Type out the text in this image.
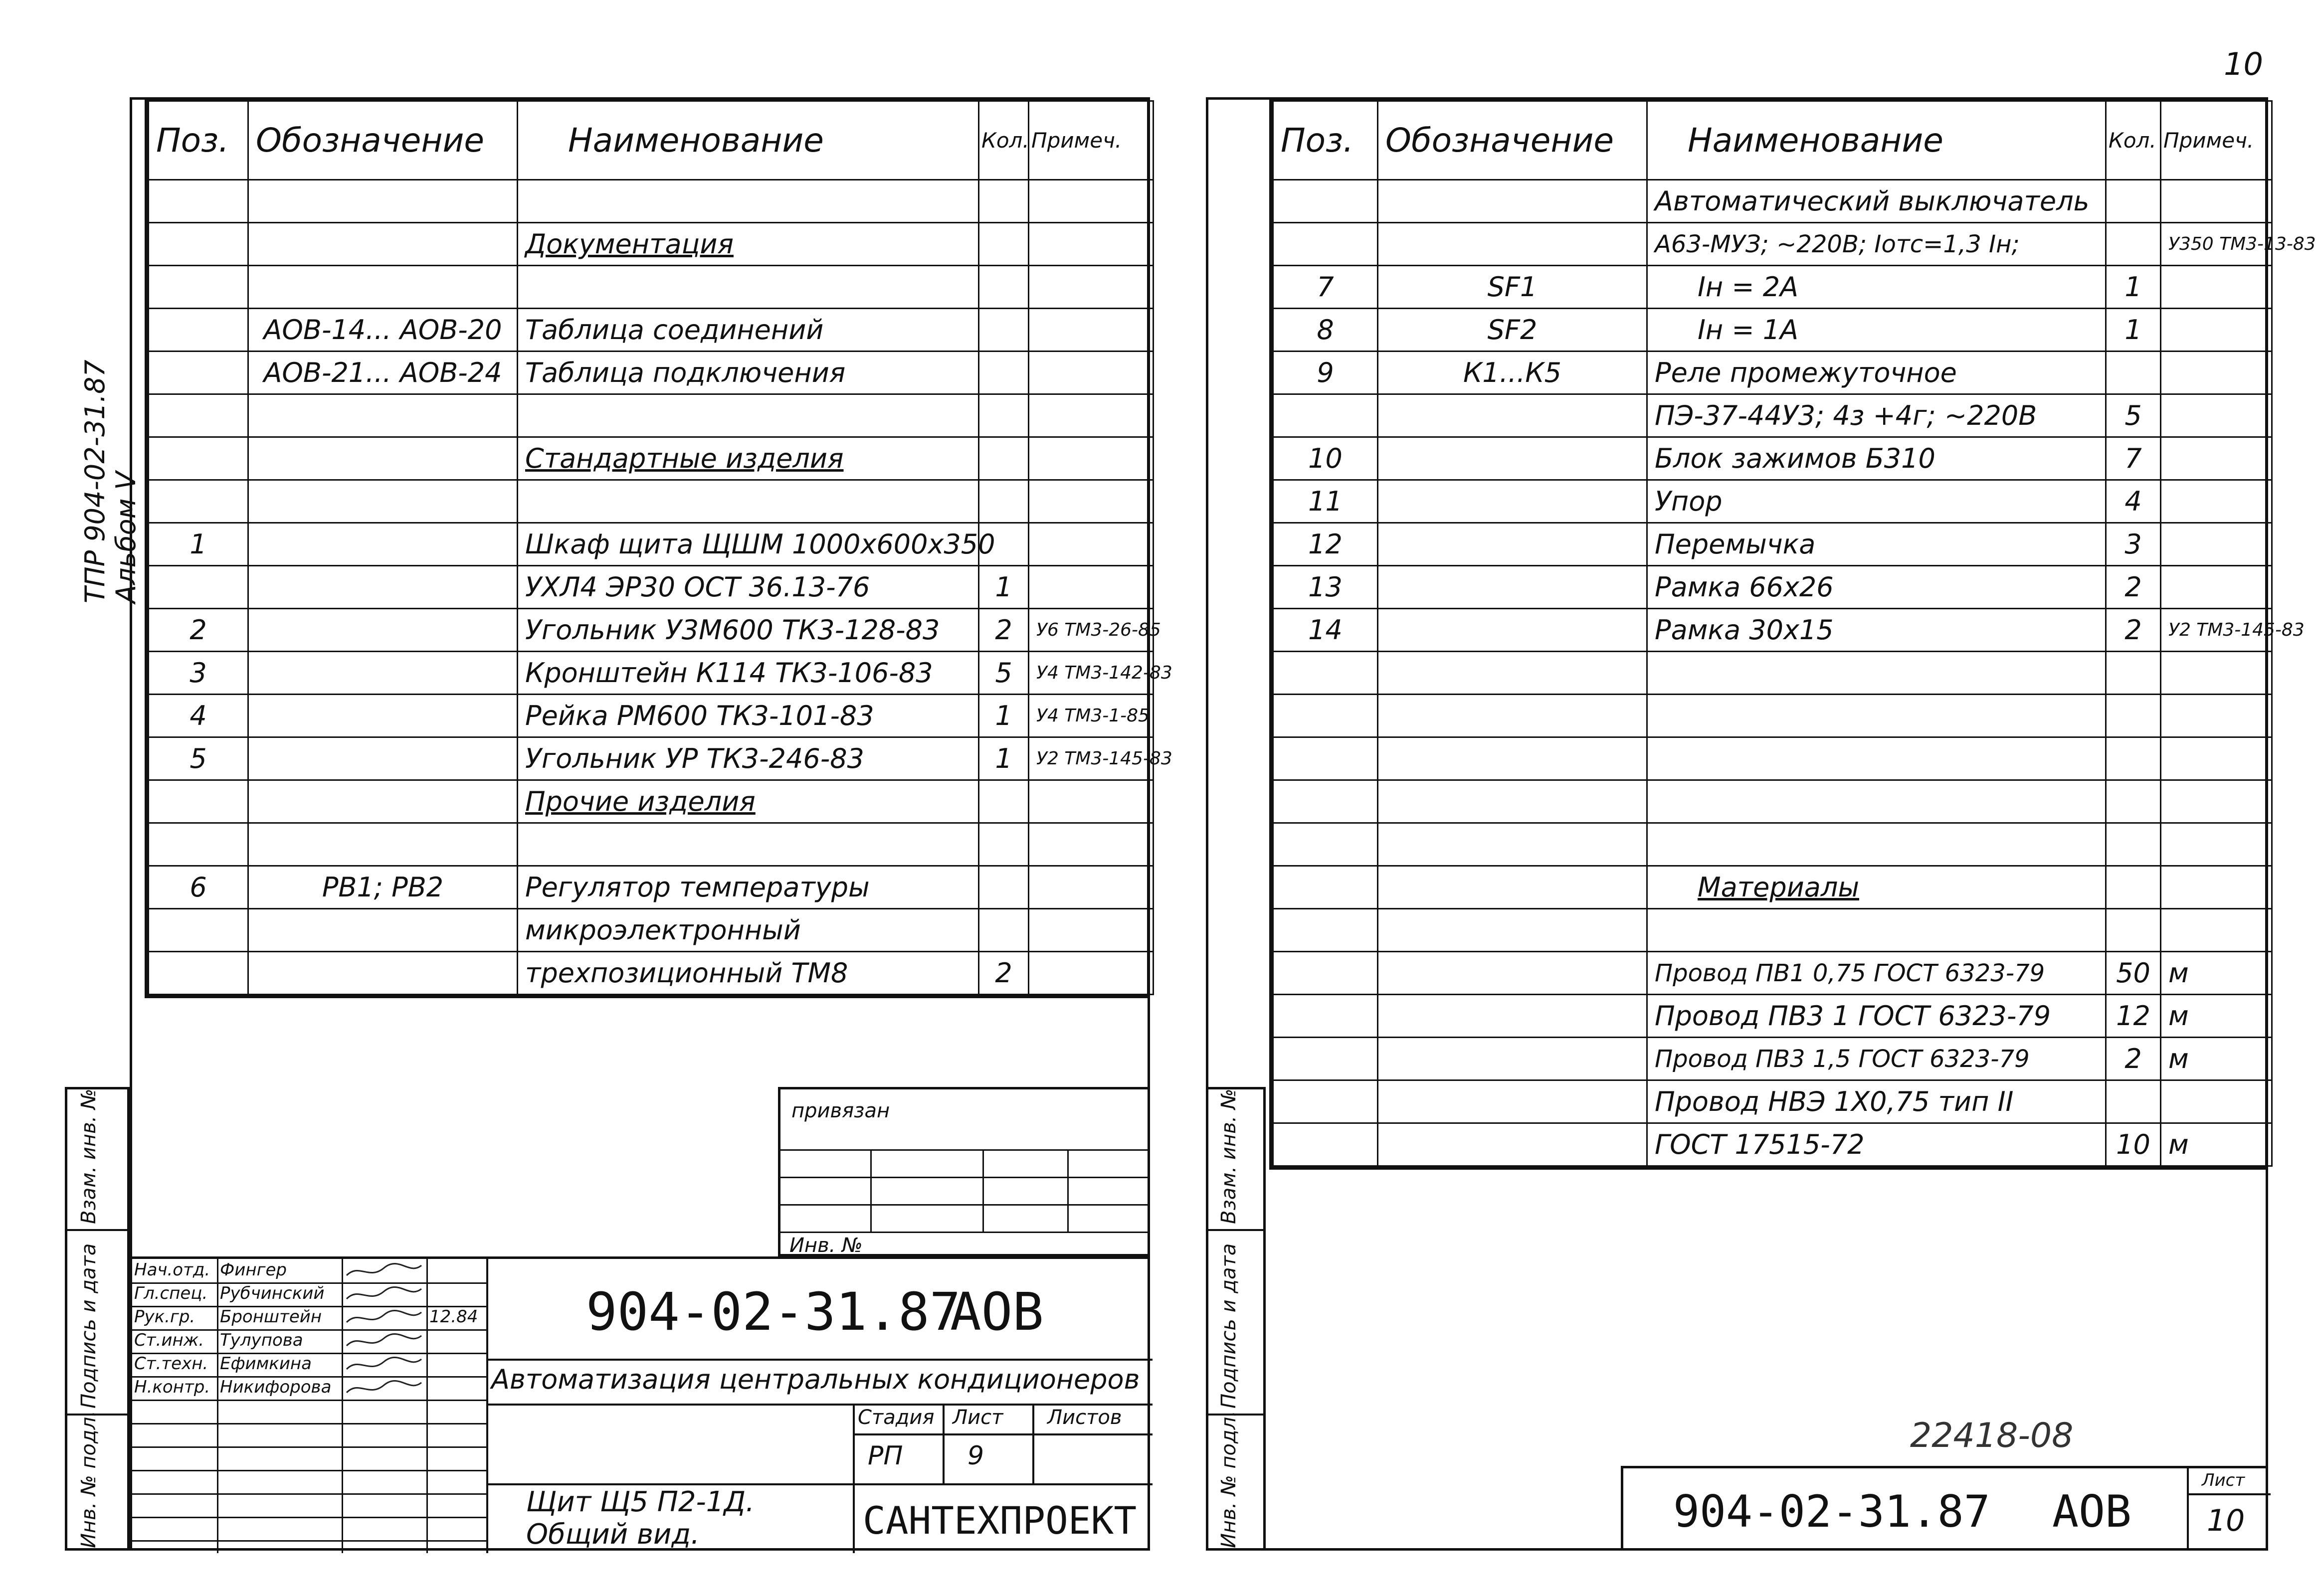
10
ТПР 904-02-31.87 Альбом V
Поз.	Обозначение	Наименование	Кол.	Примеч.

		Документация		

	АОВ-14... АОВ-20	Таблица соединений		
	АОВ-21... АОВ-24	Таблица подключения		

		Стандартные изделия		

1		Шкаф щита ЩШМ 1000х600х350		
		УХЛ4 ЭР30 ОСТ 36.13-76	1	
2		Угольник У3М600 ТК3-128-83	2	У6 ТМ3-26-85
3		Кронштейн К114 ТК3-106-83	5	У4 ТМ3-142-83
4		Рейка РМ600 ТК3-101-83	1	У4 ТМ3-1-85
5		Угольник УР ТК3-246-83	1	У2 ТМ3-145-83
		Прочие изделия		

6	РВ1; РВ2	Регулятор температуры		
		микроэлектронный		
		трехпозиционный ТМ8	2	
Поз.	Обозначение	Наименование	Кол.	Примеч.
		Автоматический выключатель		
		А63-МУЗ; ~220В; Iотс=1,3 Iн;		У350 ТМ3-13-83
7	SF1	Iн = 2А	1	
8	SF2	Iн = 1А	1	
9	К1...К5	Реле промежуточное		
		ПЭ-37-44У3; 4з +4г; ~220В	5	
10		Блок зажимов Б310	7	
11		Упор	4	
12		Перемычка	3	
13		Рамка 66х26	2	
14		Рамка 30х15	2	У2 ТМ3-145-83

		Материалы		

		Провод ПВ1 0,75 ГОСТ 6323-79	50	м
		Провод ПВ3 1 ГОСТ 6323-79	12	м
		Провод ПВ3 1,5 ГОСТ 6323-79	2	м
		Провод НВЭ 1Х0,75 тип II		
		ГОСТ 17515-72	10	м
Инв. № подл.
Подпись и дата
Взам. инв. №
Инв. № подл.
Подпись и дата
Взам. инв. №
привязан
Инв. №
Нач.отд. Фингер
Гл.спец. Рубчинский
Рук.гр. Бронштейн	12.84
Ст.инж. Тулупова
Ст.техн. Ефимкина
Н.контр. Никифорова
904-02-31.87
АОВ
Автоматизация центральных кондиционеров
Стадия Лист Листов
РП 9
Щит Щ5 П2-1Д.
Общий вид.	САНТЕХПРОЕКТ
22418-08
904-02-31.87 АОВ
Лист
10
